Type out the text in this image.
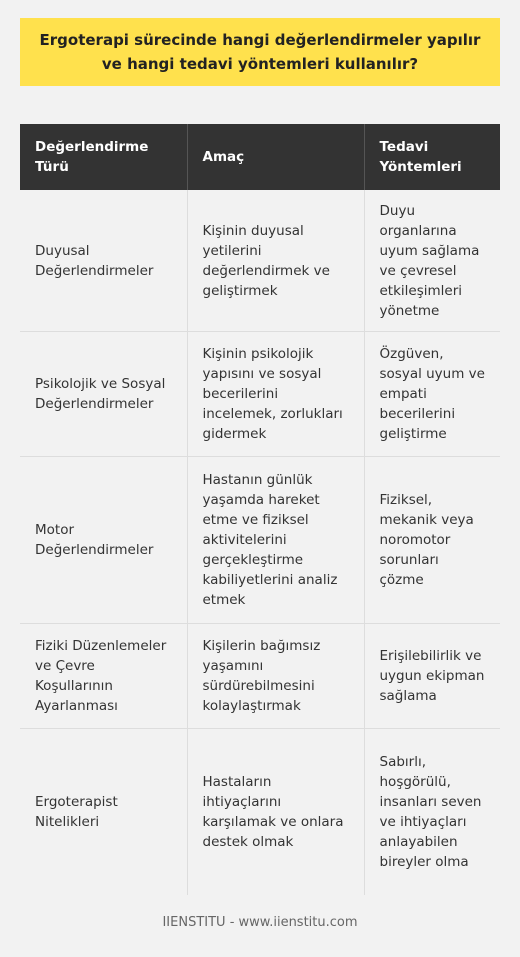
Ergoterapi sürecinde hangi değerlendirmeler yapılır ve hangi tedavi yöntemleri kullanılır?
Değerlendirme Türü	Amaç	Tedavi Yöntemleri
Duyusal Değerlendirmeler	Kişinin duyusal yetilerini değerlendirmek ve geliştirmek	Duyu organlarına uyum sağlama ve çevresel etkileşimleri yönetme
Psikolojik ve Sosyal Değerlendirmeler	Kişinin psikolojik yapısını ve sosyal becerilerini incelemek, zorlukları gidermek	Özgüven, sosyal uyum ve empati becerilerini geliştirme
Motor Değerlendirmeler	Hastanın günlük yaşamda hareket etme ve fiziksel aktivitelerini gerçekleştirme kabiliyetlerini analiz etmek	Fiziksel, mekanik veya noromotor sorunları çözme
Fiziki Düzenlemeler ve Çevre Koşullarının Ayarlanması	Kişilerin bağımsız yaşamını sürdürebilmesini kolaylaştırmak	Erişilebilirlik ve uygun ekipman sağlama
Ergoterapist Nitelikleri	Hastaların ihtiyaçlarını karşılamak ve onlara destek olmak	Sabırlı, hoşgörülü, insanları seven ve ihtiyaçları anlayabilen bireyler olma
IIENSTITU - www.iienstitu.com
